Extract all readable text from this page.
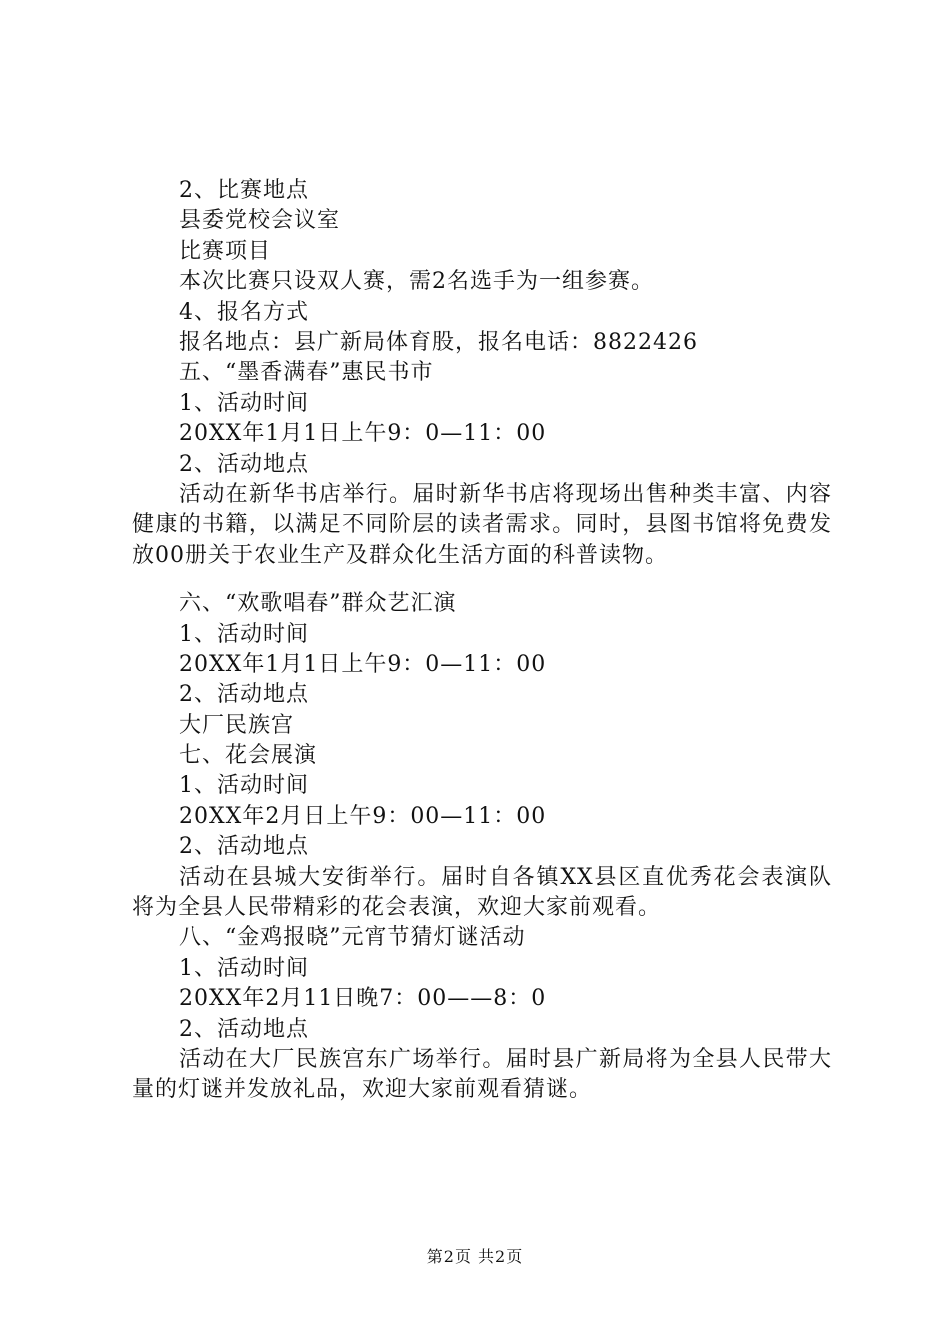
2、比赛地点
县委党校会议室
比赛项目
本次比赛只设双人赛，需2名选手为一组参赛。
4、报名方式
报名地点：县广新局体育股，报名电话：8822426
五、“墨香满春”惠民书市
1、活动时间
20XX年1月1日上午9：0—11：00
2、活动地点
活动在新华书店举行。届时新华书店将现场出售种类丰富、内容健康的书籍，以满足不同阶层的读者需求。同时，县图书馆将免费发放00册关于农业生产及群众化生活方面的科普读物。
六、“欢歌唱春”群众艺汇演
1、活动时间
20XX年1月1日上午9：0—11：00
2、活动地点
大厂民族宫
七、花会展演
1、活动时间
20XX年2月日上午9：00—11：00
2、活动地点
活动在县城大安街举行。届时自各镇XX县区直优秀花会表演队将为全县人民带精彩的花会表演，欢迎大家前观看。
八、“金鸡报晓”元宵节猜灯谜活动
1、活动时间
20XX年2月11日晚7：00——8：0
2、活动地点
活动在大厂民族宫东广场举行。届时县广新局将为全县人民带大量的灯谜并发放礼品，欢迎大家前观看猜谜。
第2页 共2页
